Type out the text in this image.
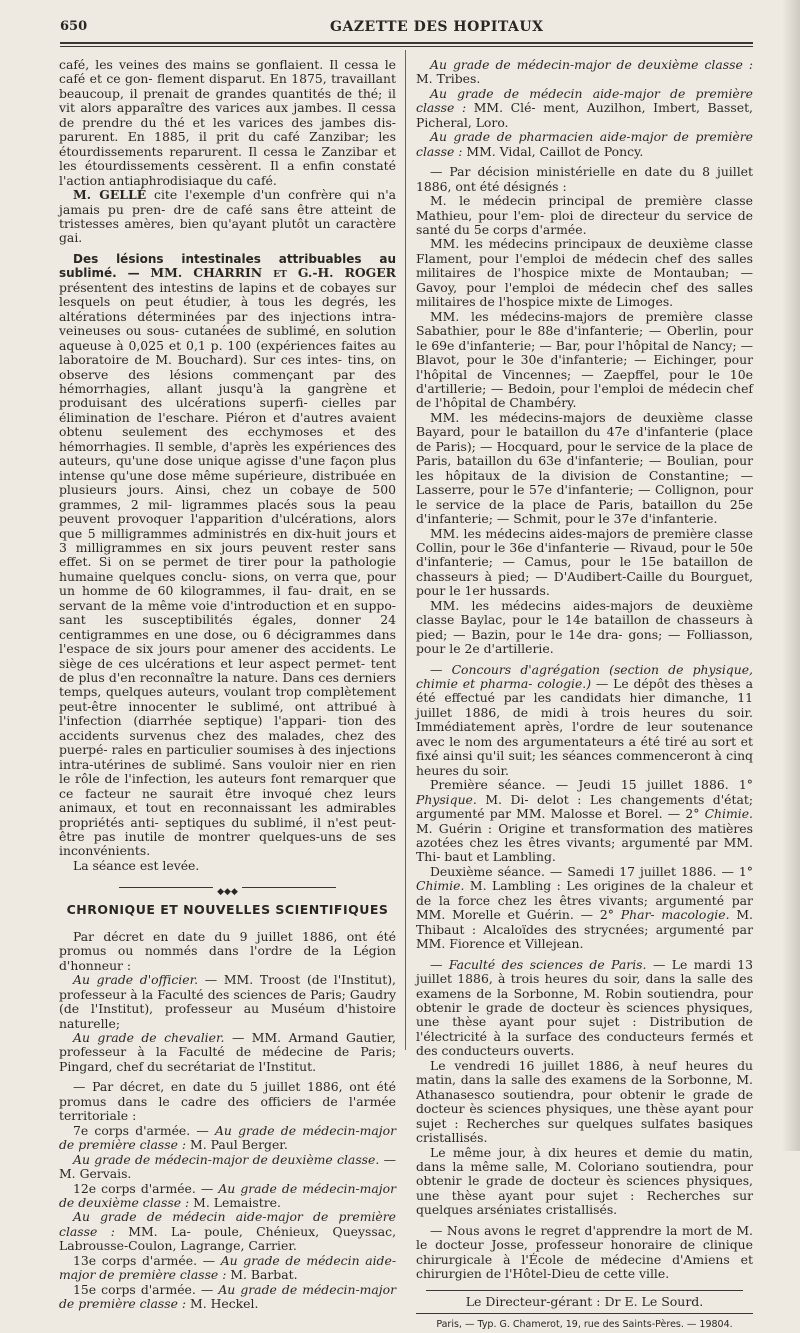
650	GAZETTE DES HOPITAUX

café, les veines des mains se gonflaient. Il cessa le café et ce gon- flement disparut. En 1875, travaillant beaucoup, il prenait de grandes quantités de thé; il vit alors apparaître des varices aux jambes. Il cessa de prendre du thé et les varices des jambes dis- parurent. En 1885, il prit du café Zanzibar; les étourdissements reparurent. Il cessa le Zanzibar et les étourdissements cessèrent. Il a enfin constaté l'action antiaphrodisiaque du café.

M. GELLÉ cite l'exemple d'un confrère qui n'a jamais pu pren- dre de café sans être atteint de tristesses amères, bien qu'ayant plutôt un caractère gai.

Des lésions intestinales attribuables au sublimé. — MM. CHARRIN et G.-H. ROGER présentent des intestins de lapins et de cobayes sur lesquels on peut étudier, à tous les degrés, les altérations déterminées par des injections intra-veineuses ou sous- cutanées de sublimé, en solution aqueuse à 0,025 et 0,1 p. 100 (expériences faites au laboratoire de M. Bouchard). Sur ces intes- tins, on observe des lésions commençant par des hémorrhagies, allant jusqu'à la gangrène et produisant des ulcérations superfi- cielles par élimination de l'eschare. Piéron et d'autres avaient obtenu seulement des ecchymoses et des hémorrhagies. Il semble, d'après les expériences des auteurs, qu'une dose unique agisse d'une façon plus intense qu'une dose même supérieure, distribuée en plusieurs jours. Ainsi, chez un cobaye de 500 grammes, 2 mil- ligrammes placés sous la peau peuvent provoquer l'apparition d'ulcérations, alors que 5 milligrammes administrés en dix-huit jours et 3 milligrammes en six jours peuvent rester sans effet. Si on se permet de tirer pour la pathologie humaine quelques conclu- sions, on verra que, pour un homme de 60 kilogrammes, il fau- drait, en se servant de la même voie d'introduction et en suppo- sant les susceptibilités égales, donner 24 centigrammes en une dose, ou 6 décigrammes dans l'espace de six jours pour amener des accidents. Le siège de ces ulcérations et leur aspect permet- tent de plus d'en reconnaître la nature. Dans ces derniers temps, quelques auteurs, voulant trop complètement peut-être innocenter le sublimé, ont attribué à l'infection (diarrhée septique) l'appari- tion des accidents survenus chez des malades, chez des puerpé- rales en particulier soumises à des injections intra-utérines de sublimé. Sans vouloir nier en rien le rôle de l'infection, les auteurs font remarquer que ce facteur ne saurait être invoqué chez leurs animaux, et tout en reconnaissant les admirables propriétés anti- septiques du sublimé, il n'est peut-être pas inutile de montrer quelques-uns de ses inconvénients.

La séance est levée.

◆◆◆
CHRONIQUE ET NOUVELLES SCIENTIFIQUES

Par décret en date du 9 juillet 1886, ont été promus ou nommés dans l'ordre de la Légion d'honneur :

Au grade d'officier. — MM. Troost (de l'Institut), professeur à la Faculté des sciences de Paris; Gaudry (de l'Institut), professeur au Muséum d'histoire naturelle;

Au grade de chevalier. — MM. Armand Gautier, professeur à la Faculté de médecine de Paris; Pingard, chef du secrétariat de l'Institut.

— Par décret, en date du 5 juillet 1886, ont été promus dans le cadre des officiers de l'armée territoriale :

7e corps d'armée. — Au grade de médecin-major de première classe : M. Paul Berger.

Au grade de médecin-major de deuxième classe. — M. Gervais.

12e corps d'armée. — Au grade de médecin-major de deuxième classe : M. Lemaistre.

Au grade de médecin aide-major de première classe : MM. La- poule, Chénieux, Queyssac, Labrousse-Coulon, Lagrange, Carrier.

13e corps d'armée. — Au grade de médecin aide-major de première classe : M. Barbat.

15e corps d'armée. — Au grade de médecin-major de première classe : M. Heckel.

Au grade de médecin-major de deuxième classe : M. Tribes.

Au grade de médecin aide-major de première classe : MM. Clé- ment, Auzilhon, Imbert, Basset, Picheral, Loro.

Au grade de pharmacien aide-major de première classe : MM. Vidal, Caillot de Poncy.

— Par décision ministérielle en date du 8 juillet 1886, ont été désignés :

M. le médecin principal de première classe Mathieu, pour l'em- ploi de directeur du service de santé du 5e corps d'armée.

MM. les médecins principaux de deuxième classe Flament, pour l'emploi de médecin chef des salles militaires de l'hospice mixte de Montauban; — Gavoy, pour l'emploi de médecin chef des salles militaires de l'hospice mixte de Limoges.

MM. les médecins-majors de première classe Sabathier, pour le 88e d'infanterie; — Oberlin, pour le 69e d'infanterie; — Bar, pour l'hôpital de Nancy; — Blavot, pour le 30e d'infanterie; — Eichinger, pour l'hôpital de Vincennes; — Zaepffel, pour le 10e d'artillerie; — Bedoin, pour l'emploi de médecin chef de l'hôpital de Chambéry.

MM. les médecins-majors de deuxième classe Bayard, pour le bataillon du 47e d'infanterie (place de Paris); — Hocquard, pour le service de la place de Paris, bataillon du 63e d'infanterie; — Boulian, pour les hôpitaux de la division de Constantine; — Lasserre, pour le 57e d'infanterie; — Collignon, pour le service de la place de Paris, bataillon du 25e d'infanterie; — Schmit, pour le 37e d'infanterie.

MM. les médecins aides-majors de première classe Collin, pour le 36e d'infanterie — Rivaud, pour le 50e d'infanterie; — Camus, pour le 15e bataillon de chasseurs à pied; — D'Audibert-Caille du Bourguet, pour le 1er hussards.

MM. les médecins aides-majors de deuxième classe Baylac, pour le 14e bataillon de chasseurs à pied; — Bazin, pour le 14e dra- gons; — Folliasson, pour le 2e d'artillerie.

— Concours d'agrégation (section de physique, chimie et pharma- cologie.) — Le dépôt des thèses a été effectué par les candidats hier dimanche, 11 juillet 1886, de midi à trois heures du soir. Immédiatement après, l'ordre de leur soutenance avec le nom des argumentateurs a été tiré au sort et fixé ainsi qu'il suit; les séances commenceront à cinq heures du soir.

Première séance. — Jeudi 15 juillet 1886. 1° Physique. M. Di- delot : Les changements d'état; argumenté par MM. Malosse et Borel. — 2° Chimie. M. Guérin : Origine et transformation des matières azotées chez les êtres vivants; argumenté par MM. Thi- baut et Lambling.

Deuxième séance. — Samedi 17 juillet 1886. — 1° Chimie. M. Lambling : Les origines de la chaleur et de la force chez les êtres vivants; argumenté par MM. Morelle et Guérin. — 2° Phar- macologie. M. Thibaut : Alcaloïdes des strycnées; argumenté par MM. Fiorence et Villejean.

— Faculté des sciences de Paris. — Le mardi 13 juillet 1886, à trois heures du soir, dans la salle des examens de la Sorbonne, M. Robin soutiendra, pour obtenir le grade de docteur ès sciences physiques, une thèse ayant pour sujet : Distribution de l'électricité à la surface des conducteurs fermés et des conducteurs ouverts.

Le vendredi 16 juillet 1886, à neuf heures du matin, dans la salle des examens de la Sorbonne, M. Athanasesco soutiendra, pour obtenir le grade de docteur ès sciences physiques, une thèse ayant pour sujet : Recherches sur quelques sulfates basiques cristallisés.

Le même jour, à dix heures et demie du matin, dans la même salle, M. Coloriano soutiendra, pour obtenir le grade de docteur ès sciences physiques, une thèse ayant pour sujet : Recherches sur quelques arséniates cristallisés.

— Nous avons le regret d'apprendre la mort de M. le docteur Josse, professeur honoraire de clinique chirurgicale à l'École de médecine d'Amiens et chirurgien de l'Hôtel-Dieu de cette ville.

Le Directeur-gérant : Dr E. Le Sourd.
Paris, — Typ. G. Chamerot, 19, rue des Saints-Pères. — 19804.
